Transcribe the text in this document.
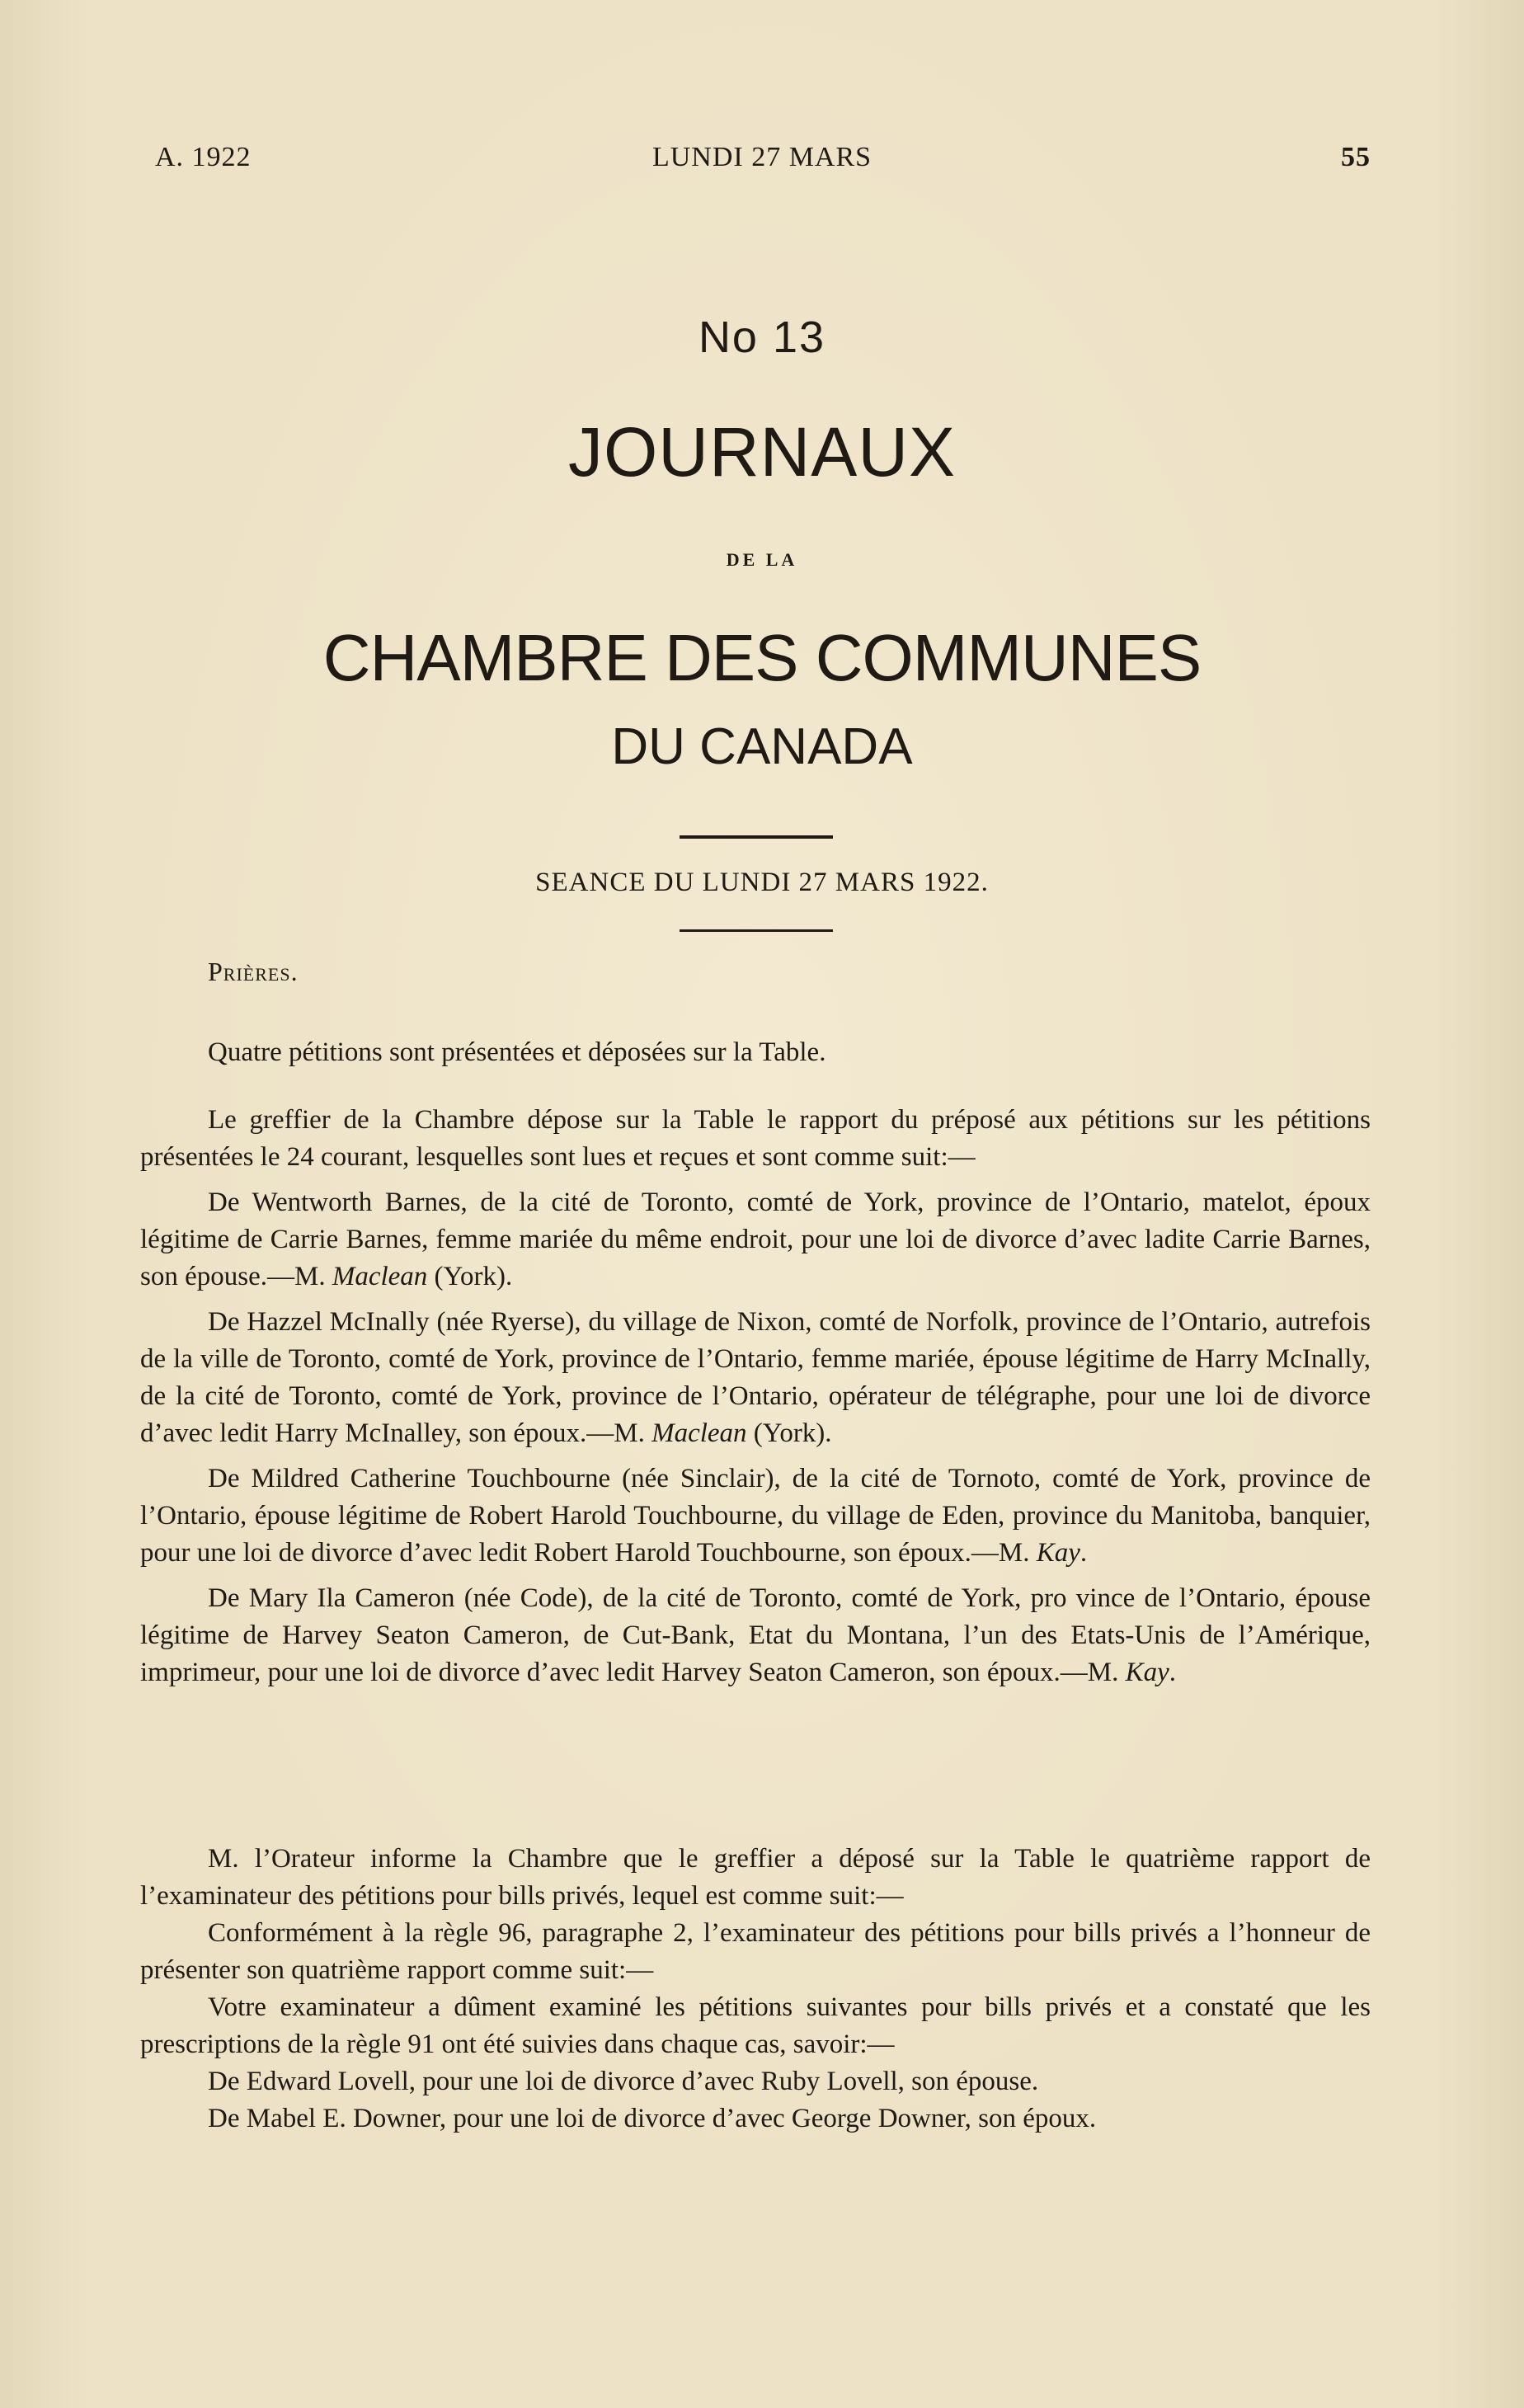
A. 1922	LUNDI 27 MARS	55
No 13
JOURNAUX
DE LA
CHAMBRE DES COMMUNES
DU CANADA
SEANCE DU LUNDI 27 MARS 1922.
Prières.

Quatre pétitions sont présentées et déposées sur la Table.

Le greffier de la Chambre dépose sur la Table le rapport du préposé aux pétitions sur les pétitions présentées le 24 courant, lesquelles sont lues et reçues et sont comme suit:—

De Wentworth Barnes, de la cité de Toronto, comté de York, province de l’Ontario, matelot, époux légitime de Carrie Barnes, femme mariée du même endroit, pour une loi de divorce d’avec ladite Carrie Barnes, son épouse.—M. Maclean (York).

De Hazzel McInally (née Ryerse), du village de Nixon, comté de Norfolk, province de l’Ontario, autrefois de la ville de Toronto, comté de York, province de l’Ontario, femme mariée, épouse légitime de Harry McInally, de la cité de Toronto, comté de York, province de l’Ontario, opérateur de télégraphe, pour une loi de divorce d’avec ledit Harry McInalley, son époux.—M. Maclean (York).

De Mildred Catherine Touchbourne (née Sinclair), de la cité de Tornoto, comté de York, province de l’Ontario, épouse légitime de Robert Harold Touchbourne, du village de Eden, province du Manitoba, banquier, pour une loi de divorce d’avec ledit Robert Harold Touchbourne, son époux.—M. Kay.

De Mary Ila Cameron (née Code), de la cité de Toronto, comté de York, pro vince de l’Ontario, épouse légitime de Harvey Seaton Cameron, de Cut-Bank, Etat du Montana, l’un des Etats-Unis de l’Amérique, imprimeur, pour une loi de divorce d’avec ledit Harvey Seaton Cameron, son époux.—M. Kay.

M. l’Orateur informe la Chambre que le greffier a déposé sur la Table le quatrième rapport de l’examinateur des pétitions pour bills privés, lequel est comme suit:—

Conformément à la règle 96, paragraphe 2, l’examinateur des pétitions pour bills privés a l’honneur de présenter son quatrième rapport comme suit:—

Votre examinateur a dûment examiné les pétitions suivantes pour bills privés et a constaté que les prescriptions de la règle 91 ont été suivies dans chaque cas, savoir:—

De Edward Lovell, pour une loi de divorce d’avec Ruby Lovell, son épouse.

De Mabel E. Downer, pour une loi de divorce d’avec George Downer, son époux.
